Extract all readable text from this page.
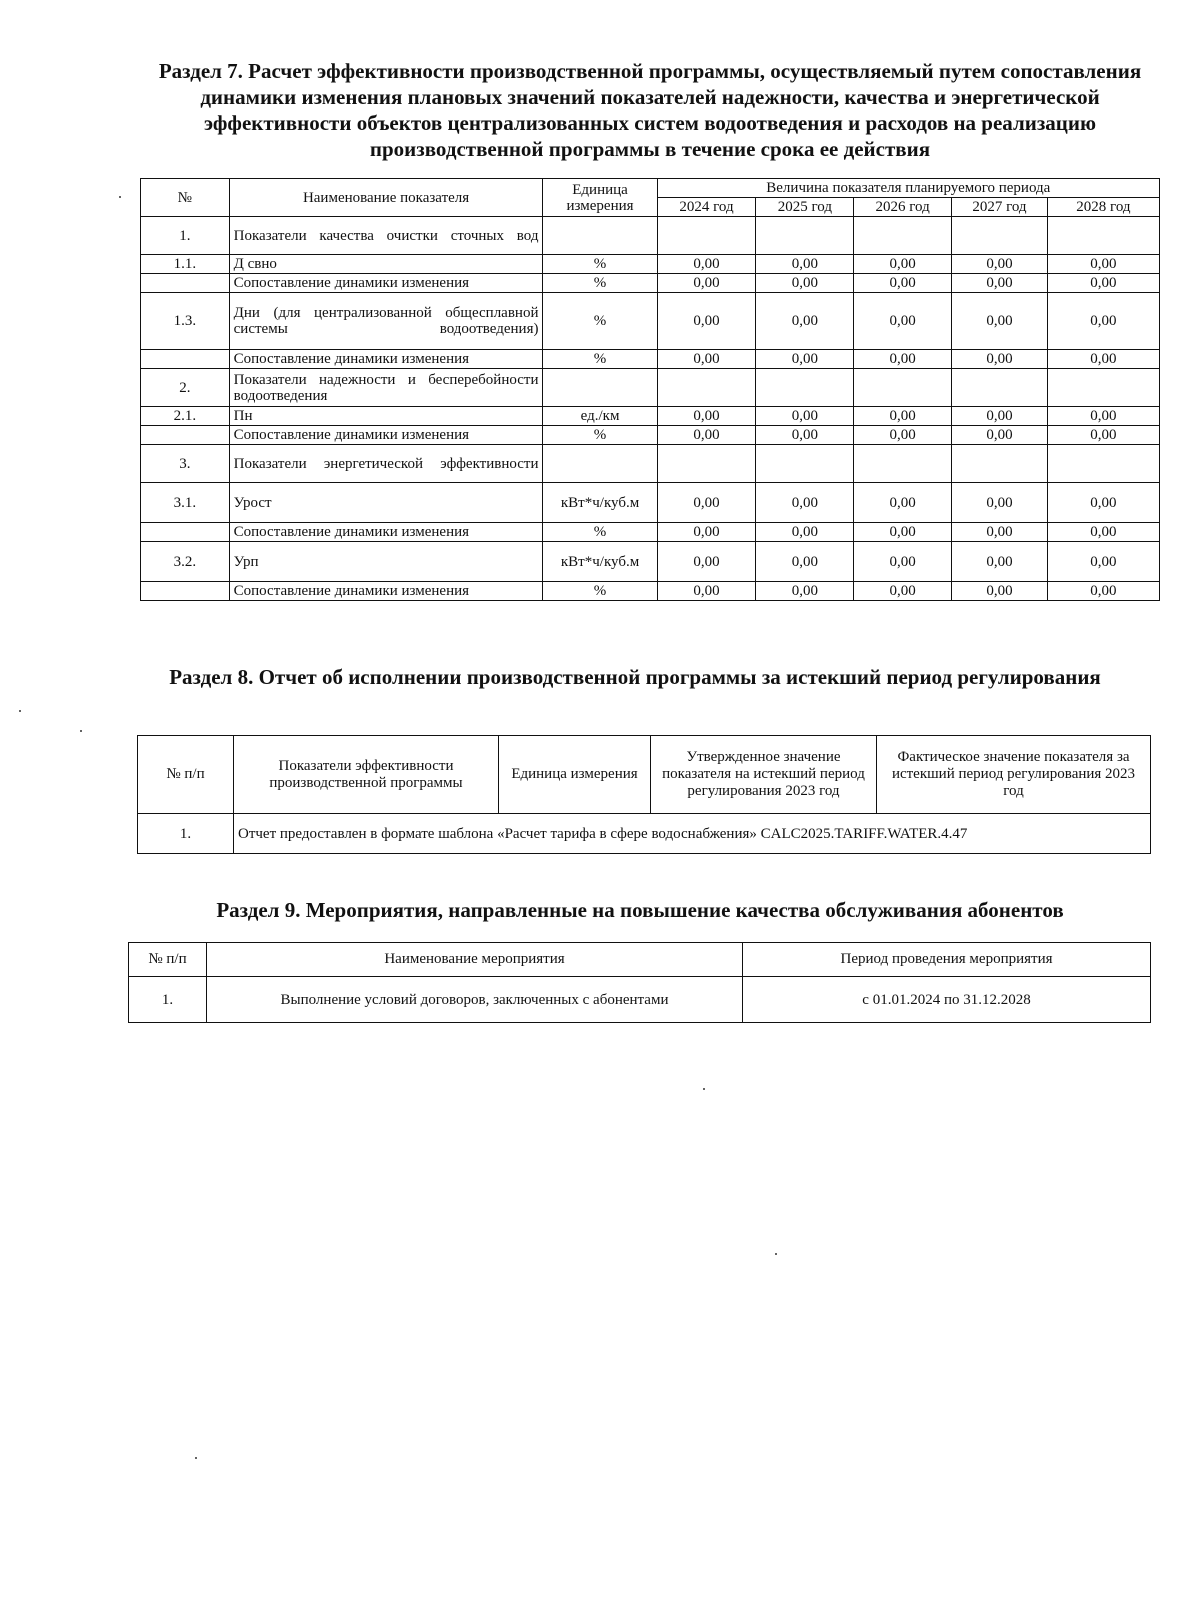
Раздел 7. Расчет эффективности производственной программы, осуществляемый путем сопоставления динамики изменения плановых значений показателей надежности, качества и энергетической эффективности объектов централизованных систем водоотведения и расходов на реализацию производственной программы в течение срока ее действия
№	Наименование показателя	Единица измерения	Величина показателя планируемого периода				
			2024 год	2025 год	2026 год	2027 год	2028 год
1.	Показатели качества очистки сточных вод						
1.1.	Д свно	%	0,00	0,00	0,00	0,00	0,00
	Сопоставление динамики изменения	%	0,00	0,00	0,00	0,00	0,00
1.3.	Дни (для централизованной общесплавной системы водоотведения)	%	0,00	0,00	0,00	0,00	0,00
	Сопоставление динамики изменения	%	0,00	0,00	0,00	0,00	0,00
2.	Показатели надежности и бесперебойности водоотведения						
2.1.	Пн	ед./км	0,00	0,00	0,00	0,00	0,00
	Сопоставление динамики изменения	%	0,00	0,00	0,00	0,00	0,00
3.	Показатели энергетической эффективности						
3.1.	Урост	кВт*ч/куб.м	0,00	0,00	0,00	0,00	0,00
	Сопоставление динамики изменения	%	0,00	0,00	0,00	0,00	0,00
3.2.	Урп	кВт*ч/куб.м	0,00	0,00	0,00	0,00	0,00
	Сопоставление динамики изменения	%	0,00	0,00	0,00	0,00	0,00
Раздел 8. Отчет об исполнении производственной программы за истекший период регулирования
№ п/п	Показатели эффективности производственной программы	Единица измерения	Утвержденное значение показателя на истекший период регулирования 2023 год	Фактическое значение показателя за истекший период регулирования 2023 год
1.	Отчет предоставлен в формате шаблона «Расчет тарифа в сфере водоснабжения» CALC2025.TARIFF.WATER.4.47			
Раздел 9. Мероприятия, направленные на повышение качества обслуживания абонентов
№ п/п	Наименование мероприятия	Период проведения мероприятия
1.	Выполнение условий договоров, заключенных с абонентами	с 01.01.2024 по 31.12.2028
